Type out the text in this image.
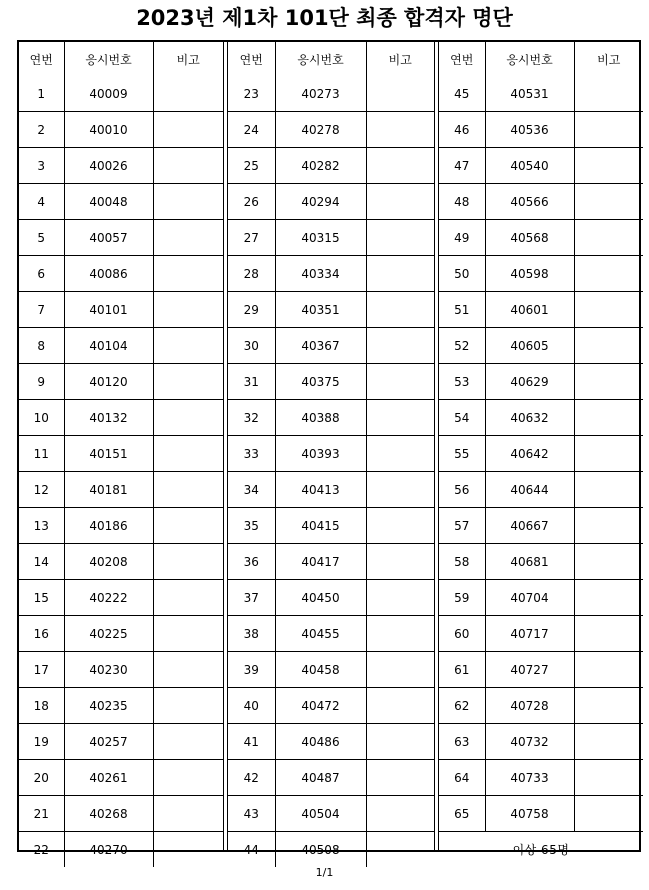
2023년 제1차 101단 최종 합격자 명단
연번	응시번호	비고
1	40009	
2	40010	
3	40026	
4	40048	
5	40057	
6	40086	
7	40101	
8	40104	
9	40120	
10	40132	
11	40151	
12	40181	
13	40186	
14	40208	
15	40222	
16	40225	
17	40230	
18	40235	
19	40257	
20	40261	
21	40268	
22	40270	
연번	응시번호	비고
23	40273	
24	40278	
25	40282	
26	40294	
27	40315	
28	40334	
29	40351	
30	40367	
31	40375	
32	40388	
33	40393	
34	40413	
35	40415	
36	40417	
37	40450	
38	40455	
39	40458	
40	40472	
41	40486	
42	40487	
43	40504	
44	40508	
연번	응시번호	비고
45	40531	
46	40536	
47	40540	
48	40566	
49	40568	
50	40598	
51	40601	
52	40605	
53	40629	
54	40632	
55	40642	
56	40644	
57	40667	
58	40681	
59	40704	
60	40717	
61	40727	
62	40728	
63	40732	
64	40733	
65	40758	
이상 65명		
1/1
